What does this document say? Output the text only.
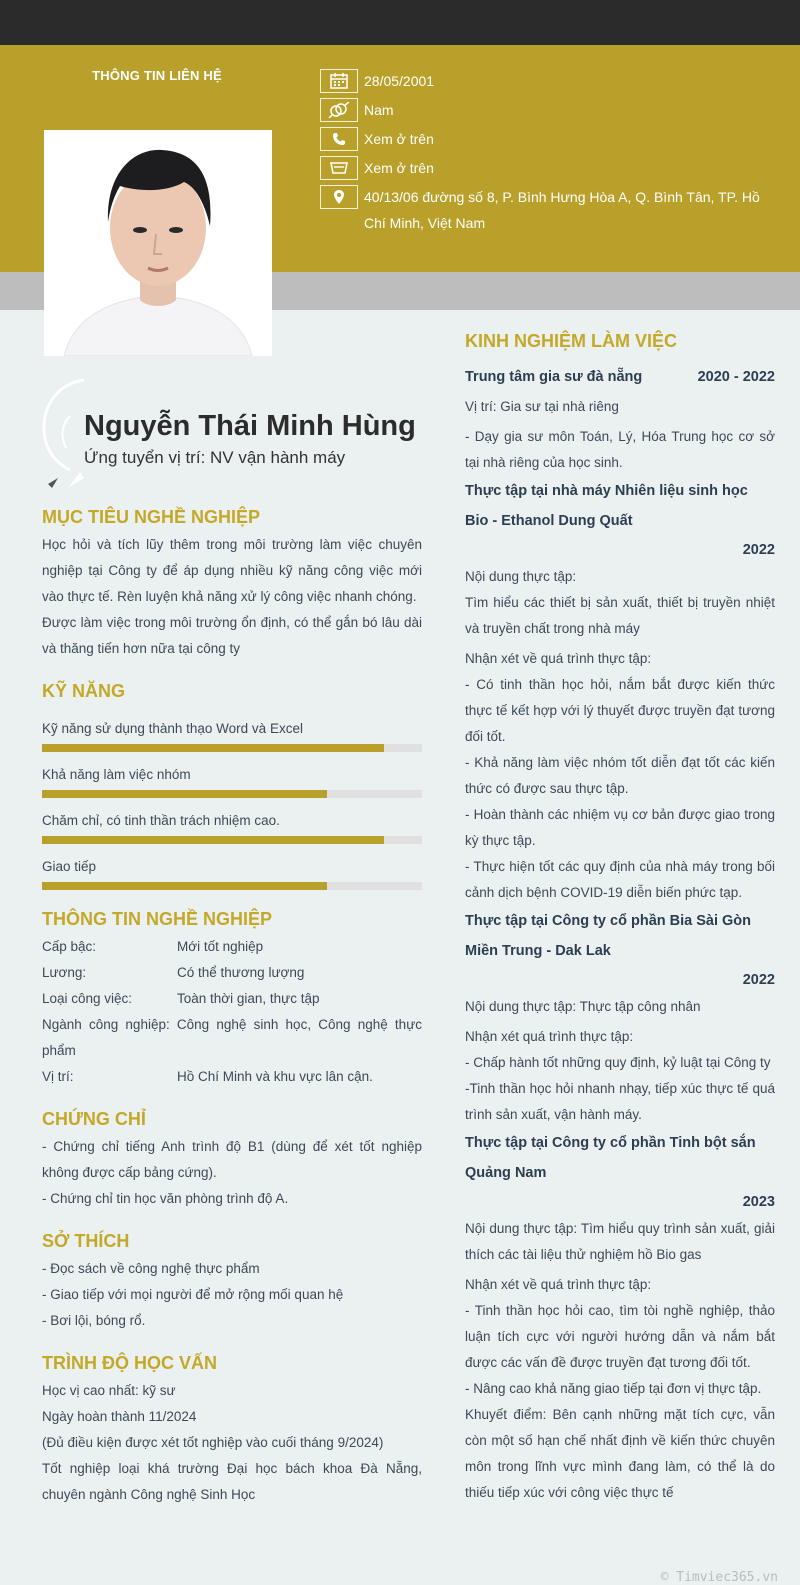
THÔNG TIN LIÊN HỆ	28/05/2001
Nam
Xem ở trên
Xem ở trên
40/13/06 đường số 8, P. Bình Hưng Hòa A, Q. Bình Tân, TP. Hồ Chí Minh, Việt Nam
Nguyễn Thái Minh Hùng
Ứng tuyển vị trí: NV vận hành máy
MỤC TIÊU NGHỀ NGHIỆP

Học hỏi và tích lũy thêm trong môi trường làm việc chuyên nghiệp tại Công ty để áp dụng nhiều kỹ năng công việc mới vào thực tế. Rèn luyện khả năng xử lý công việc nhanh chóng.

Được làm việc trong môi trường ổn định, có thể gắn bó lâu dài và thăng tiến hơn nữa tại công ty

KỸ NĂNG
Kỹ năng sử dụng thành thạo Word và Excel
Khả năng làm việc nhóm
Chăm chỉ, có tinh thần trách nhiệm cao.
Giao tiếp
THÔNG TIN NGHỀ NGHIỆP
Cấp bậc:	Mới tốt nghiệp
Lương:	Có thể thương lượng
Loại công việc:	Toàn thời gian, thực tập

Ngành công nghiệp: Công nghệ sinh học, Công nghệ thực phẩm

Vị trí:	Hồ Chí Minh và khu vực lân cận.
CHỨNG CHỈ

- Chứng chỉ tiếng Anh trình độ B1 (dùng để xét tốt nghiệp không được cấp bảng cứng).

- Chứng chỉ tin học văn phòng trình độ A.

SỞ THÍCH

- Đọc sách về công nghệ thực phẩm

- Giao tiếp với mọi người để mở rộng mối quan hệ

- Bơi lội, bóng rổ.

TRÌNH ĐỘ HỌC VẤN

Học vị cao nhất: kỹ sư

Ngày hoàn thành 11/2024

(Đủ điều kiện được xét tốt nghiệp vào cuối tháng 9/2024)

Tốt nghiệp loại khá trường Đại học bách khoa Đà Nẵng, chuyên ngành Công nghệ Sinh Học

KINH NGHIỆM LÀM VIỆC
Trung tâm gia sư đà nẵng	2020 - 2022

Vị trí: Gia sư tại nhà riêng

- Dạy gia sư môn Toán, Lý, Hóa Trung học cơ sở tại nhà riêng của học sinh.

Thực tập tại nhà máy Nhiên liệu sinh học Bio - Ethanol Dung Quất
2022

Nội dung thực tập:

Tìm hiểu các thiết bị sản xuất, thiết bị truyền nhiệt và truyền chất trong nhà máy

Nhận xét về quá trình thực tập:

- Có tinh thần học hỏi, nắm bắt được kiến thức thực tế kết hợp với lý thuyết được truyền đạt tương đối tốt.

- Khả năng làm việc nhóm tốt diễn đạt tốt các kiến thức có được sau thực tập.

- Hoàn thành các nhiệm vụ cơ bản được giao trong kỳ thực tập.

- Thực hiện tốt các quy định của nhà máy trong bối cảnh dịch bệnh COVID-19 diễn biến phức tạp.

Thực tập tại Công ty cổ phần Bia Sài Gòn Miền Trung - Dak Lak
2022

Nội dung thực tập: Thực tập công nhân

Nhận xét quá trình thực tập:

- Chấp hành tốt những quy định, kỷ luật tại Công ty

-Tinh thần học hỏi nhanh nhạy, tiếp xúc thực tế quá trình sản xuất, vận hành máy.

Thực tập tại Công ty cổ phần Tinh bột sắn Quảng Nam
2023

Nội dung thực tập: Tìm hiểu quy trình sản xuất, giải thích các tài liệu thử nghiệm hồ Bio gas

Nhận xét về quá trình thực tập:

- Tinh thần học hỏi cao, tìm tòi nghề nghiệp, thảo luận tích cực với người hướng dẫn và nắm bắt được các vấn đề được truyền đạt tương đối tốt.

- Nâng cao khả năng giao tiếp tại đơn vị thực tập.

Khuyết điểm: Bên cạnh những mặt tích cực, vẫn còn một số hạn chế nhất định về kiến thức chuyên môn trong lĩnh vực mình đang làm, có thể là do thiếu tiếp xúc với công việc thực tế

© Timviec365.vn
